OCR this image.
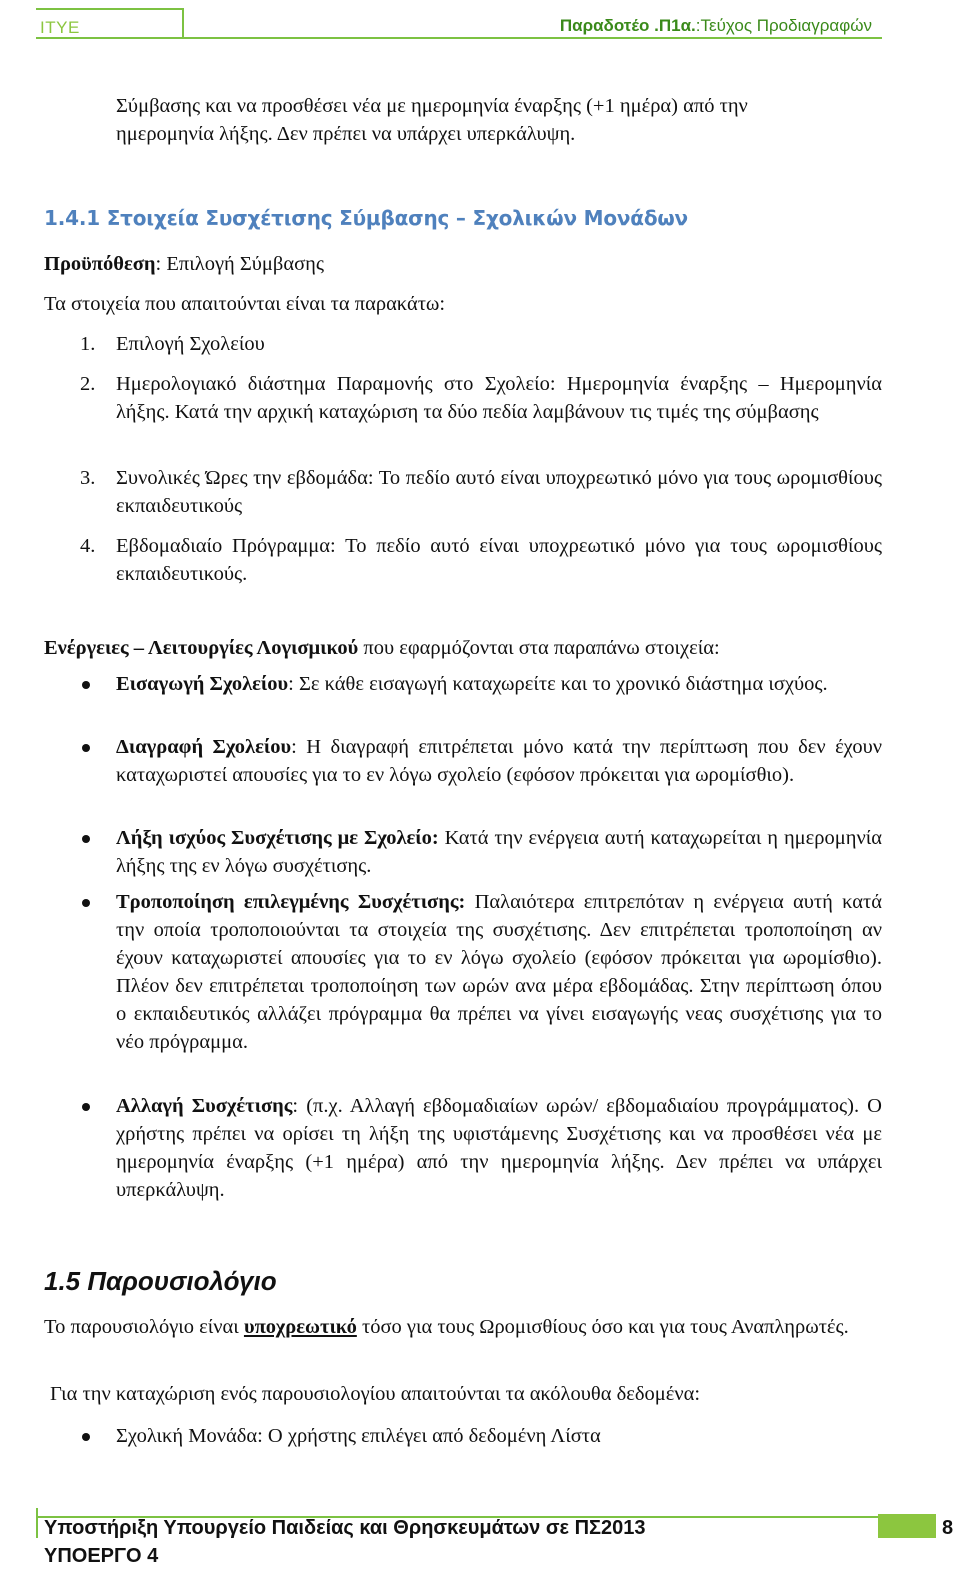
ITYE	Παραδοτέο .Π1α.:Τεύχος Προδιαγραφών
Σύμβασης και να προσθέσει νέα με ημερομηνία έναρξης (+1 ημέρα) από την
ημερομηνία λήξης. Δεν πρέπει να υπάρχει υπερκάλυψη.
1.4.1 Στοιχεία Συσχέτισης Σύμβασης – Σχολικών Μονάδων
Προϋπόθεση: Επιλογή Σύμβασης
Τα στοιχεία που απαιτούνται είναι τα παρακάτω:
1. Επιλογή Σχολείου
2. Ημερολογιακό διάστημα Παραμονής στο Σχολείο: Ημερομηνία έναρξης – Ημερομηνία λήξης. Κατά την αρχική καταχώριση τα δύο πεδία λαμβάνουν τις τιμές της σύμβασης
3. Συνολικές Ώρες την εβδομάδα: Το πεδίο αυτό είναι υποχρεωτικό μόνο για τους ωρομισθίους εκπαιδευτικούς
4. Εβδομαδιαίο Πρόγραμμα: Το πεδίο αυτό είναι υποχρεωτικό μόνο για τους ωρομισθίους εκπαιδευτικούς.
Ενέργειες – Λειτουργίες Λογισμικού που εφαρμόζονται στα παραπάνω στοιχεία:
Εισαγωγή Σχολείου: Σε κάθε εισαγωγή καταχωρείτε και το χρονικό διάστημα ισχύος.
Διαγραφή Σχολείου: Η διαγραφή επιτρέπεται μόνο κατά την περίπτωση που δεν έχουν καταχωριστεί απουσίες για το εν λόγω σχολείο (εφόσον πρόκειται για ωρομίσθιο).
Λήξη ισχύος Συσχέτισης με Σχολείο: Κατά την ενέργεια αυτή καταχωρείται η ημερομηνία λήξης της εν λόγω συσχέτισης.
Τροποποίηση επιλεγμένης Συσχέτισης: Παλαιότερα επιτρεπόταν η ενέργεια αυτή κατά την οποία τροποποιούνται τα στοιχεία της συσχέτισης. Δεν επιτρέπεται τροποποίηση αν έχουν καταχωριστεί απουσίες για το εν λόγω σχολείο (εφόσον πρόκειται για ωρομίσθιο). Πλέον δεν επιτρέπεται τροποποίηση των ωρών ανα μέρα εβδομάδας. Στην περίπτωση όπου ο εκπαιδευτικός αλλάζει πρόγραμμα θα πρέπει να γίνει εισαγωγής νεας συσχέτισης για το νέο πρόγραμμα.
Αλλαγή Συσχέτισης: (π.χ. Αλλαγή εβδομαδιαίων ωρών/ εβδομαδιαίου προγράμματος). Ο χρήστης πρέπει να ορίσει τη λήξη της υφιστάμενης Συσχέτισης και να προσθέσει νέα με ημερομηνία έναρξης (+1 ημέρα) από την ημερομηνία λήξης. Δεν πρέπει να υπάρχει υπερκάλυψη.
1.5 Παρουσιολόγιο
Το παρουσιολόγιο είναι υποχρεωτικό τόσο για τους Ωρομισθίους όσο και για τους Αναπληρωτές.
Για την καταχώριση ενός παρουσιολογίου απαιτούνται τα ακόλουθα δεδομένα:
Σχολική Μονάδα: Ο χρήστης επιλέγει από δεδομένη Λίστα
Υποστήριξη Υπουργείο Παιδείας και Θρησκευμάτων σε ΠΣ2013
ΥΠΟΕΡΓΟ 4
8
